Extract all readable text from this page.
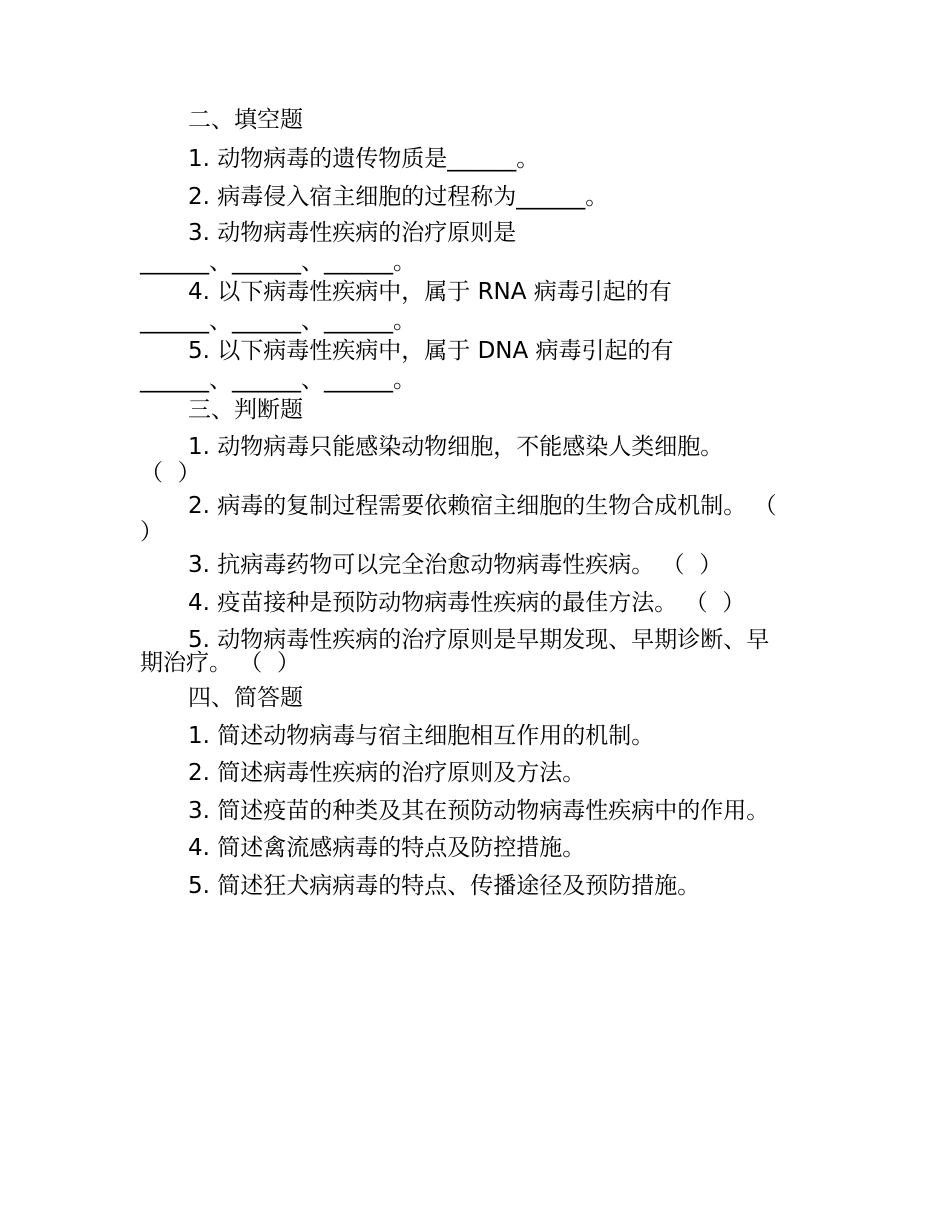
二、填空题
1. 动物病毒的遗传物质是______。
2. 病毒侵入宿主细胞的过程称为______。
3. 动物病毒性疾病的治疗原则是
______、______、______。
4. 以下病毒性疾病中，属于 RNA 病毒引起的有
______、______、______。
5. 以下病毒性疾病中，属于 DNA 病毒引起的有
______、______、______。
三、判断题
1. 动物病毒只能感染动物细胞，不能感染人类细胞。
（  ）
2. 病毒的复制过程需要依赖宿主细胞的生物合成机制。 （
）
3. 抗病毒药物可以完全治愈动物病毒性疾病。 （  ）
4. 疫苗接种是预防动物病毒性疾病的最佳方法。 （  ）
5. 动物病毒性疾病的治疗原则是早期发现、早期诊断、早
期治疗。 （  ）
四、简答题
1. 简述动物病毒与宿主细胞相互作用的机制。
2. 简述病毒性疾病的治疗原则及方法。
3. 简述疫苗的种类及其在预防动物病毒性疾病中的作用。
4. 简述禽流感病毒的特点及防控措施。
5. 简述狂犬病病毒的特点、传播途径及预防措施。
